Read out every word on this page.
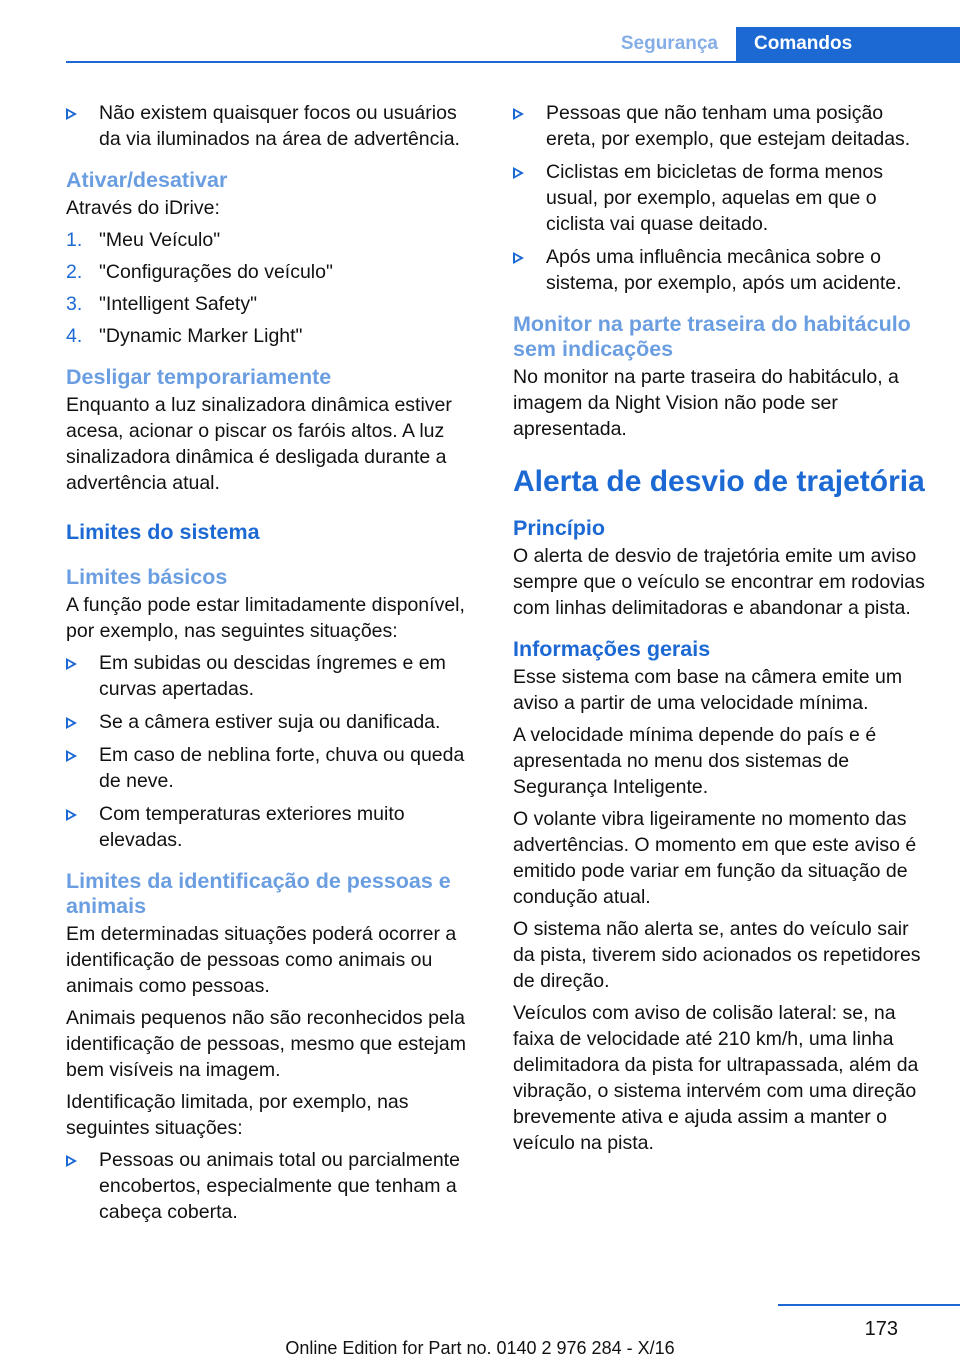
Segurança	Comandos
Não existem quaisquer focos ou usuários da via iluminados na área de advertência.
Ativar/desativar

Através do iDrive:

1. "Meu Veículo"
2. "Configurações do veículo"
3. "Intelligent Safety"
4. "Dynamic Marker Light"
Desligar temporariamente

Enquanto a luz sinalizadora dinâmica estiver acesa, acionar o piscar os faróis altos. A luz sinalizadora dinâmica é desligada durante a advertência atual.

Limites do sistema
Limites básicos

A função pode estar limitadamente disponível, por exemplo, nas seguintes situações:

Em subidas ou descidas íngremes e em curvas apertadas.
Se a câmera estiver suja ou danificada.
Em caso de neblina forte, chuva ou queda de neve.
Com temperaturas exteriores muito elevadas.
Limites da identificação de pessoas e animais

Em determinadas situações poderá ocorrer a identificação de pessoas como animais ou animais como pessoas.

Animais pequenos não são reconhecidos pela identificação de pessoas, mesmo que estejam bem visíveis na imagem.

Identificação limitada, por exemplo, nas seguintes situações:

Pessoas ou animais total ou parcialmente encobertos, especialmente que tenham a cabeça coberta.
Pessoas que não tenham uma posição ereta, por exemplo, que estejam deitadas.
Ciclistas em bicicletas de forma menos usual, por exemplo, aquelas em que o ciclista vai quase deitado.
Após uma influência mecânica sobre o sistema, por exemplo, após um acidente.
Monitor na parte traseira do habitáculo sem indicações

No monitor na parte traseira do habitáculo, a imagem da Night Vision não pode ser apresentada.

Alerta de desvio de trajetória
Princípio

O alerta de desvio de trajetória emite um aviso sempre que o veículo se encontrar em rodovias com linhas delimitadoras e abandonar a pista.

Informações gerais

Esse sistema com base na câmera emite um aviso a partir de uma velocidade mínima.

A velocidade mínima depende do país e é apresentada no menu dos sistemas de Segurança Inteligente.

O volante vibra ligeiramente no momento das advertências. O momento em que este aviso é emitido pode variar em função da situação de condução atual.

O sistema não alerta se, antes do veículo sair da pista, tiverem sido acionados os repetidores de direção.

Veículos com aviso de colisão lateral: se, na faixa de velocidade até 210 km/h, uma linha delimitadora da pista for ultrapassada, além da vibração, o sistema intervém com uma direção brevemente ativa e ajuda assim a manter o veículo na pista.

173
Online Edition for Part no. 0140 2 976 284 - X/16
